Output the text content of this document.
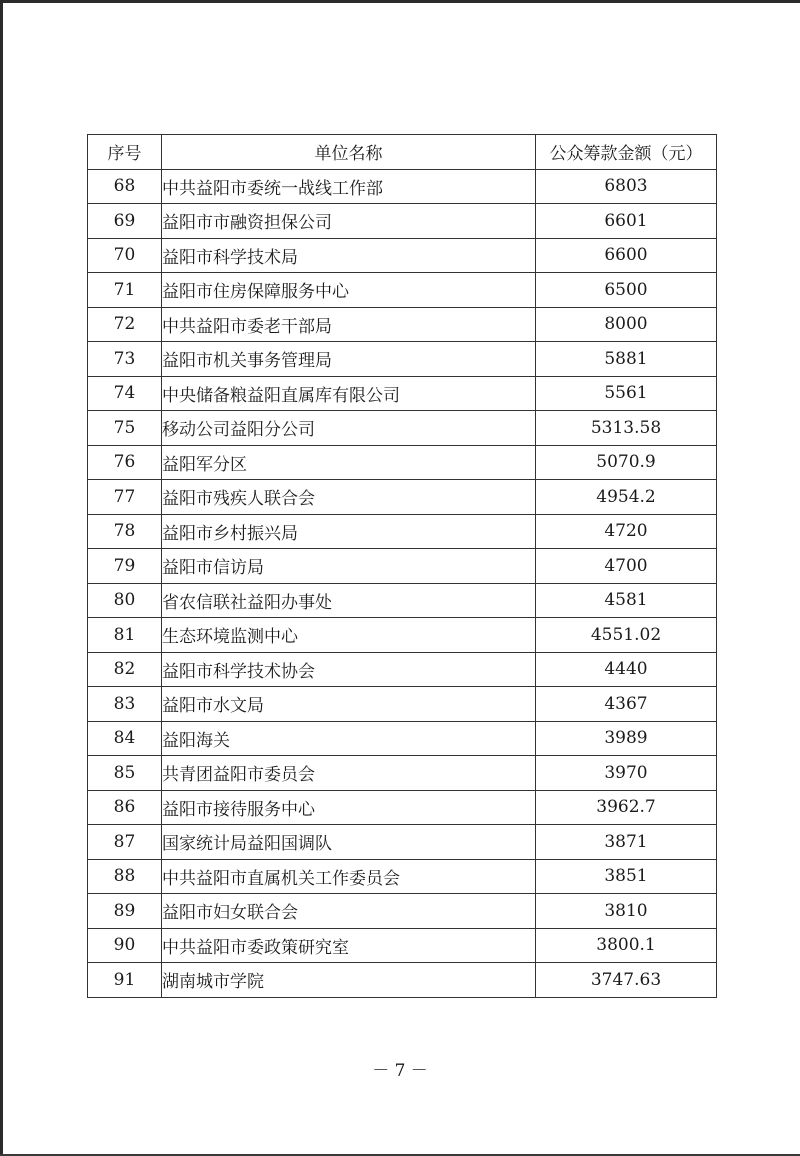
序号	单位名称	公众筹款金额（元）
68	中共益阳市委统一战线工作部	6803
69	益阳市市融资担保公司	6601
70	益阳市科学技术局	6600
71	益阳市住房保障服务中心	6500
72	中共益阳市委老干部局	8000
73	益阳市机关事务管理局	5881
74	中央储备粮益阳直属库有限公司	5561
75	移动公司益阳分公司	5313.58
76	益阳军分区	5070.9
77	益阳市残疾人联合会	4954.2
78	益阳市乡村振兴局	4720
79	益阳市信访局	4700
80	省农信联社益阳办事处	4581
81	生态环境监测中心	4551.02
82	益阳市科学技术协会	4440
83	益阳市水文局	4367
84	益阳海关	3989
85	共青团益阳市委员会	3970
86	益阳市接待服务中心	3962.7
87	国家统计局益阳国调队	3871
88	中共益阳市直属机关工作委员会	3851
89	益阳市妇女联合会	3810
90	中共益阳市委政策研究室	3800.1
91	湖南城市学院	3747.63
－ 7 －
